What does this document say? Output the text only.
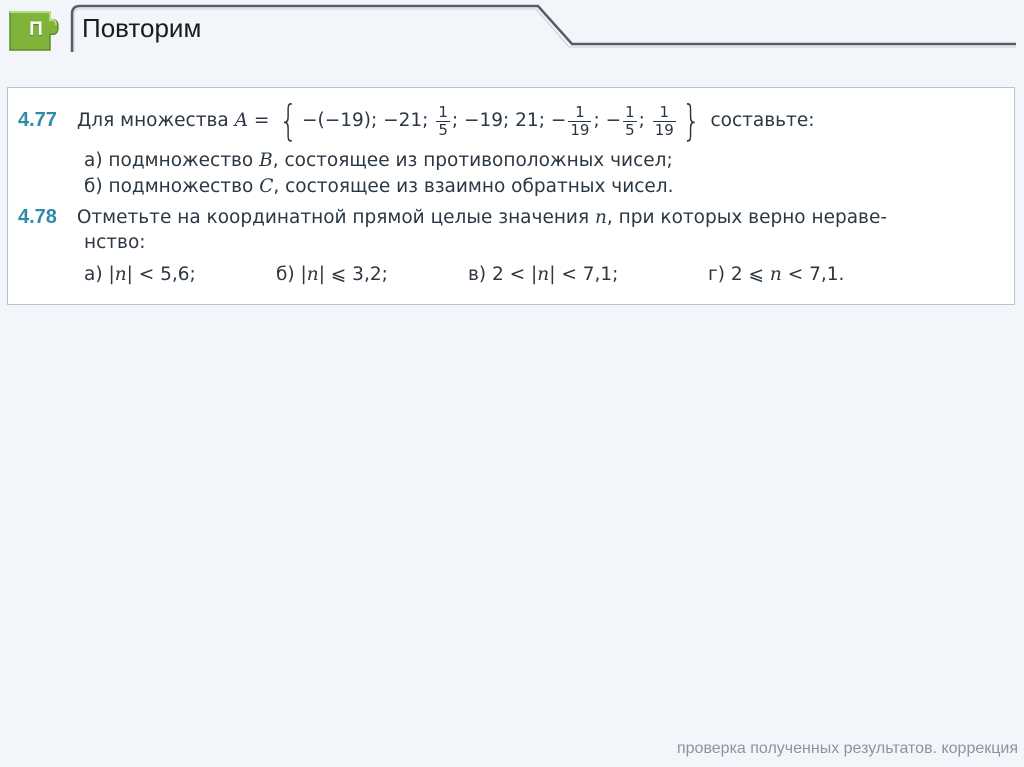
П	Повторим
4.77 Для множества A = { −(−19); −21; $\frac{1}{5}$ ; −19; 21; − $\frac{1}{19}$ ; − $\frac{1}{5}$ ; $\frac{1}{19}$ } составьте:
а) подмножество B, состоящее из противоположных чисел;
б) подмножество C, состоящее из взаимно обратных чисел.
4.78 Отметьте на координатной прямой целые значения n, при которых верно нераве-
нство:
а) |n| < 5,6;	б) |n| ⩽ 3,2;	в) 2 < |n| < 7,1;	г) 2 ⩽ n < 7,1.
проверка полученных результатов. коррекция
